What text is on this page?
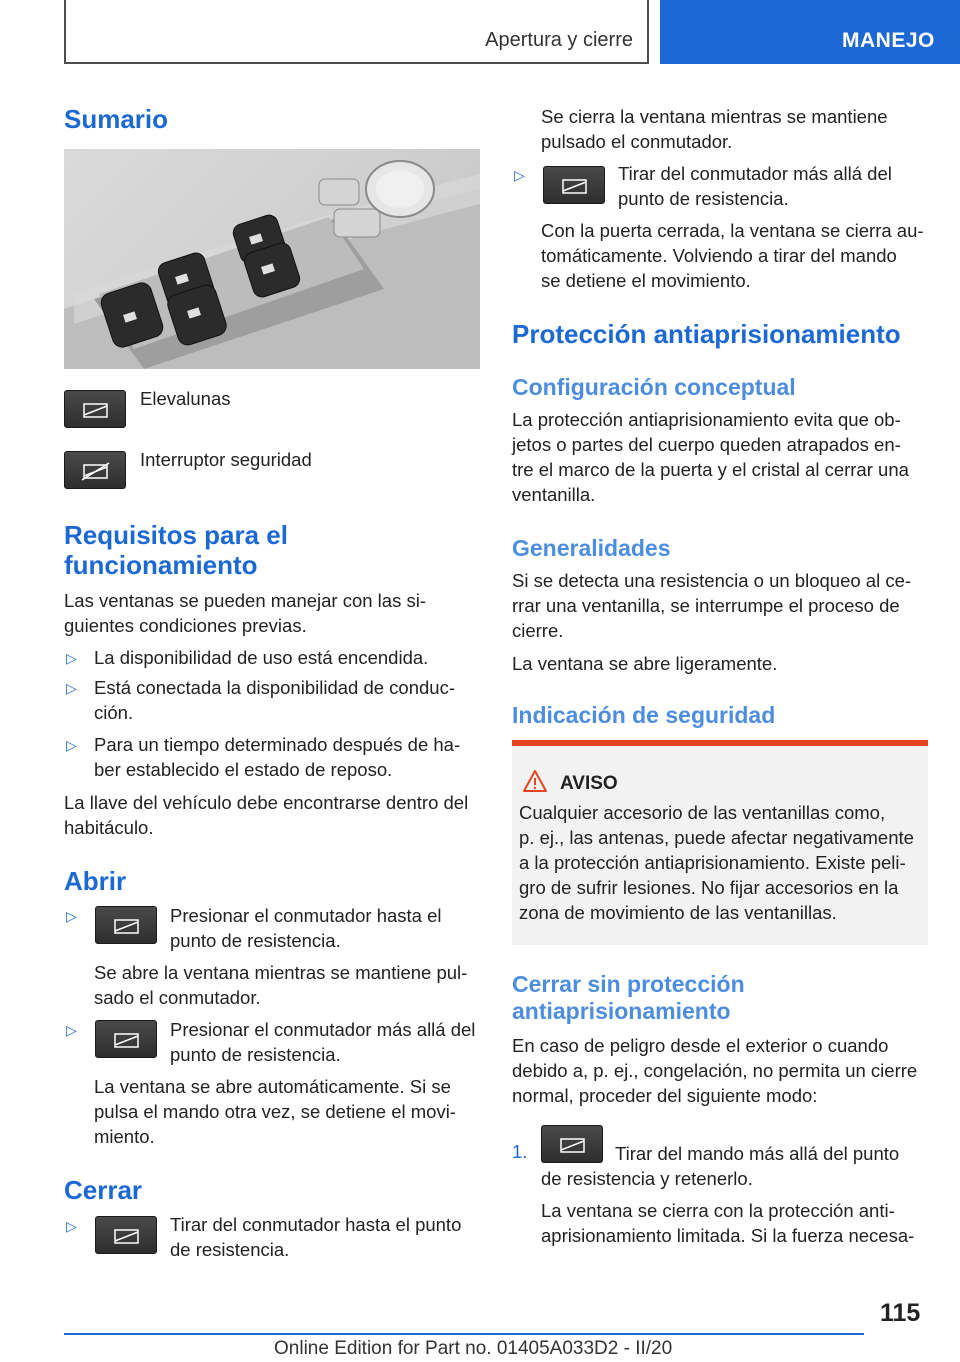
Apertura y cierre	MANEJO
Sumario
Elevalunas
Interruptor seguridad
Requisitos para el
funcionamiento
Las ventanas se pueden manejar con las si-
guientes condiciones previas.
▷ La disponibilidad de uso está encendida.
▷ Está conectada la disponibilidad de conduc-
ción.
▷ Para un tiempo determinado después de ha-
ber establecido el estado de reposo.
La llave del vehículo debe encontrarse dentro del
habitáculo.
Abrir
▷	Presionar el conmutador hasta el
punto de resistencia.
Se abre la ventana mientras se mantiene pul-
sado el conmutador.
▷	Presionar el conmutador más allá del
punto de resistencia.
La ventana se abre automáticamente. Si se
pulsa el mando otra vez, se detiene el movi-
miento.
Cerrar
▷	Tirar del conmutador hasta el punto
de resistencia.
Se cierra la ventana mientras se mantiene
pulsado el conmutador.
▷	Tirar del conmutador más allá del
punto de resistencia.
Con la puerta cerrada, la ventana se cierra au-
tomáticamente. Volviendo a tirar del mando
se detiene el movimiento.
Protección antiaprisionamiento
Configuración conceptual
La protección antiaprisionamiento evita que ob-
jetos o partes del cuerpo queden atrapados en-
tre el marco de la puerta y el cristal al cerrar una
ventanilla.
Generalidades
Si se detecta una resistencia o un bloqueo al ce-
rrar una ventanilla, se interrumpe el proceso de
cierre.
La ventana se abre ligeramente.
Indicación de seguridad
AVISO
Cualquier accesorio de las ventanillas como,
p. ej., las antenas, puede afectar negativamente
a la protección antiaprisionamiento. Existe peli-
gro de sufrir lesiones. No fijar accesorios en la
zona de movimiento de las ventanillas.
Cerrar sin protección
antiaprisionamiento
En caso de peligro desde el exterior o cuando
debido a, p. ej., congelación, no permita un cierre
normal, proceder del siguiente modo:
1.	Tirar del mando más allá del punto
de resistencia y retenerlo.
La ventana se cierra con la protección anti-
aprisionamiento limitada. Si la fuerza necesa-
115
Online Edition for Part no. 01405A033D2 - II/20
